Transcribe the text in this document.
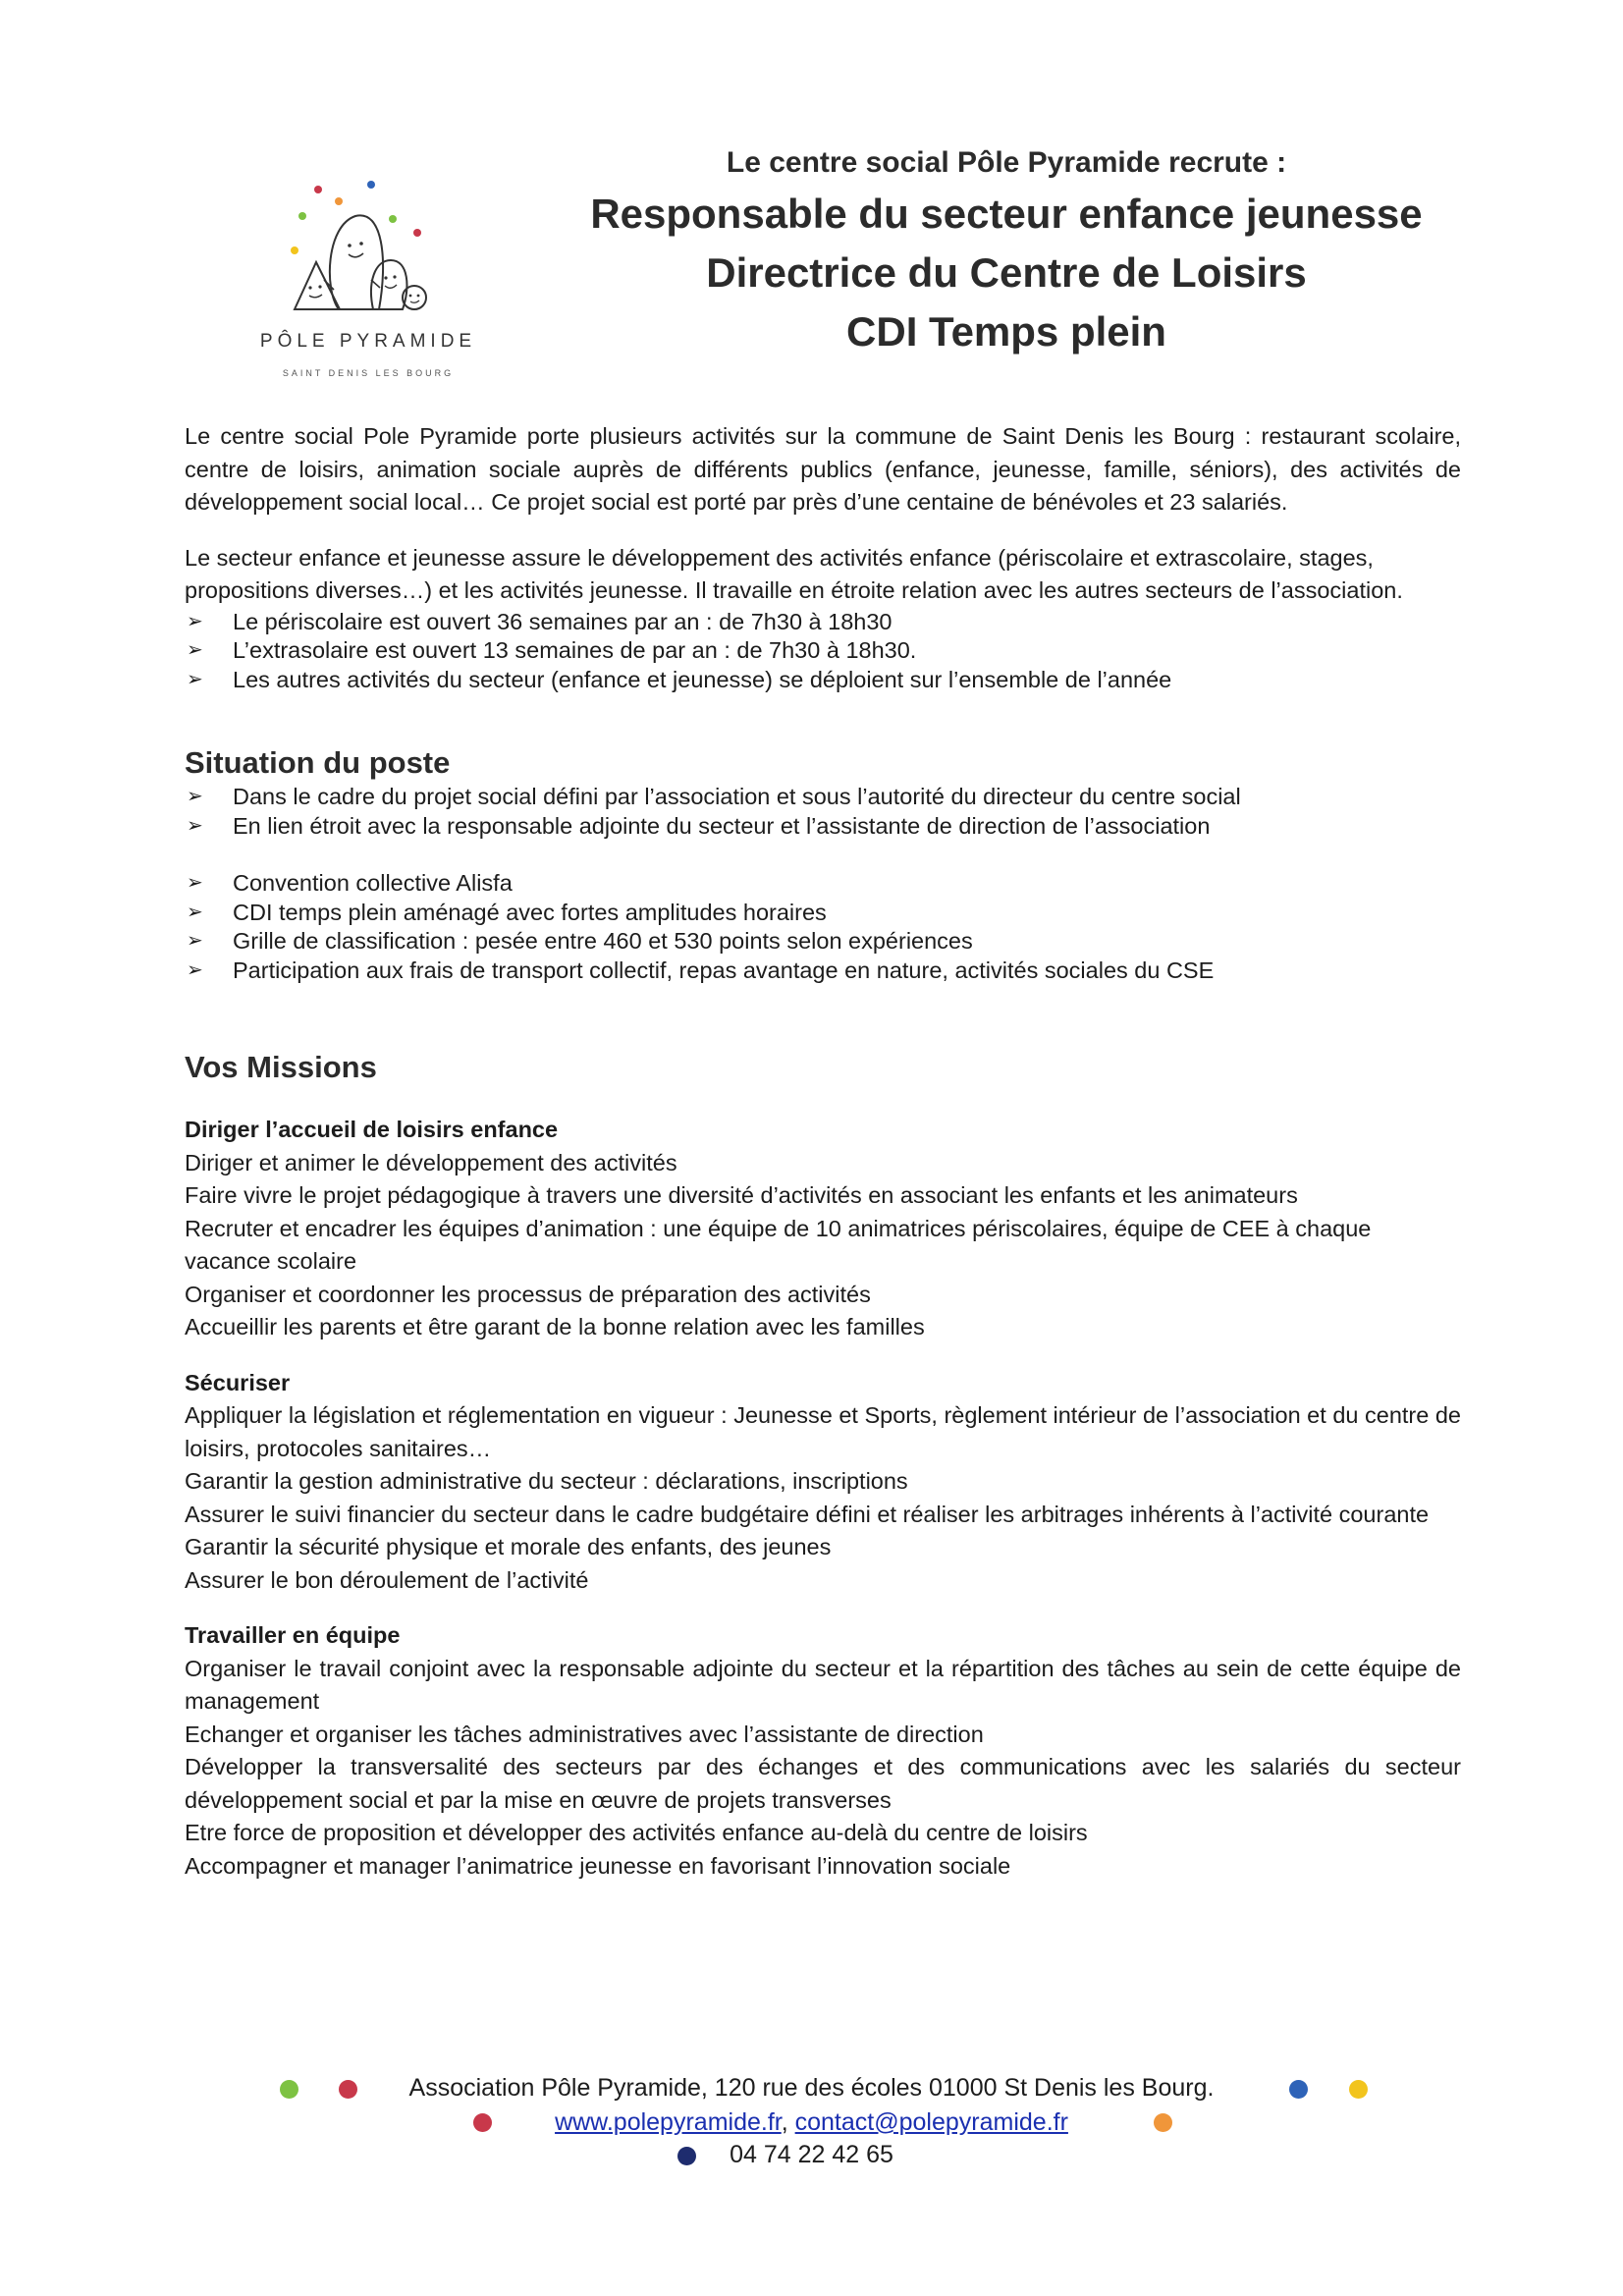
PÔLE PYRAMIDE
SAINT DENIS LES BOURG
Le centre social Pôle Pyramide recrute :
Responsable du secteur enfance jeunesse
Directrice du Centre de Loisirs
CDI Temps plein

Le centre social Pole Pyramide porte plusieurs activités sur la commune de Saint Denis les Bourg : restaurant scolaire, centre de loisirs, animation sociale auprès de différents publics (enfance, jeunesse, famille, séniors), des activités de développement social local… Ce projet social est porté par près d’une centaine de bénévoles et 23 salariés.

Le secteur enfance et jeunesse assure le développement des activités enfance (périscolaire et extrascolaire, stages, propositions diverses…) et les activités jeunesse. Il travaille en étroite relation avec les autres secteurs de l’association.

➢ Le périscolaire est ouvert 36 semaines par an : de 7h30 à 18h30
➢ L’extrasolaire est ouvert 13 semaines de par an : de 7h30 à 18h30.
➢ Les autres activités du secteur (enfance et jeunesse) se déploient sur l’ensemble de l’année
Situation du poste
➢ Dans le cadre du projet social défini par l’association et sous l’autorité du directeur du centre social
➢ En lien étroit avec la responsable adjointe du secteur et l’assistante de direction de l’association
➢ Convention collective Alisfa
➢ CDI temps plein aménagé avec fortes amplitudes horaires
➢ Grille de classification : pesée entre 460 et 530 points selon expériences
➢ Participation aux frais de transport collectif, repas avantage en nature, activités sociales du CSE
Vos Missions
Diriger l’accueil de loisirs enfance

Diriger et animer le développement des activités

Faire vivre le projet pédagogique à travers une diversité d’activités en associant les enfants et les animateurs

Recruter et encadrer les équipes d’animation : une équipe de 10 animatrices périscolaires, équipe de CEE à chaque vacance scolaire

Organiser et coordonner les processus de préparation des activités

Accueillir les parents et être garant de la bonne relation avec les familles

Sécuriser

Appliquer la législation et réglementation en vigueur : Jeunesse et Sports, règlement intérieur de l’association et du centre de loisirs, protocoles sanitaires…

Garantir la gestion administrative du secteur : déclarations, inscriptions

Assurer le suivi financier du secteur dans le cadre budgétaire défini et réaliser les arbitrages inhérents à l’activité courante

Garantir la sécurité physique et morale des enfants, des jeunes

Assurer le bon déroulement de l’activité

Travailler en équipe

Organiser le travail conjoint avec la responsable adjointe du secteur et la répartition des tâches au sein de cette équipe de management

Echanger et organiser les tâches administratives avec l’assistante de direction

Développer la transversalité des secteurs par des échanges et des communications avec les salariés du secteur développement social et par la mise en œuvre de projets transverses

Etre force de proposition et développer des activités enfance au-delà du centre de loisirs

Accompagner et manager l’animatrice jeunesse en favorisant l’innovation sociale

Association Pôle Pyramide, 120 rue des écoles 01000 St Denis les Bourg.
www.polepyramide.fr, contact@polepyramide.fr
04 74 22 42 65
